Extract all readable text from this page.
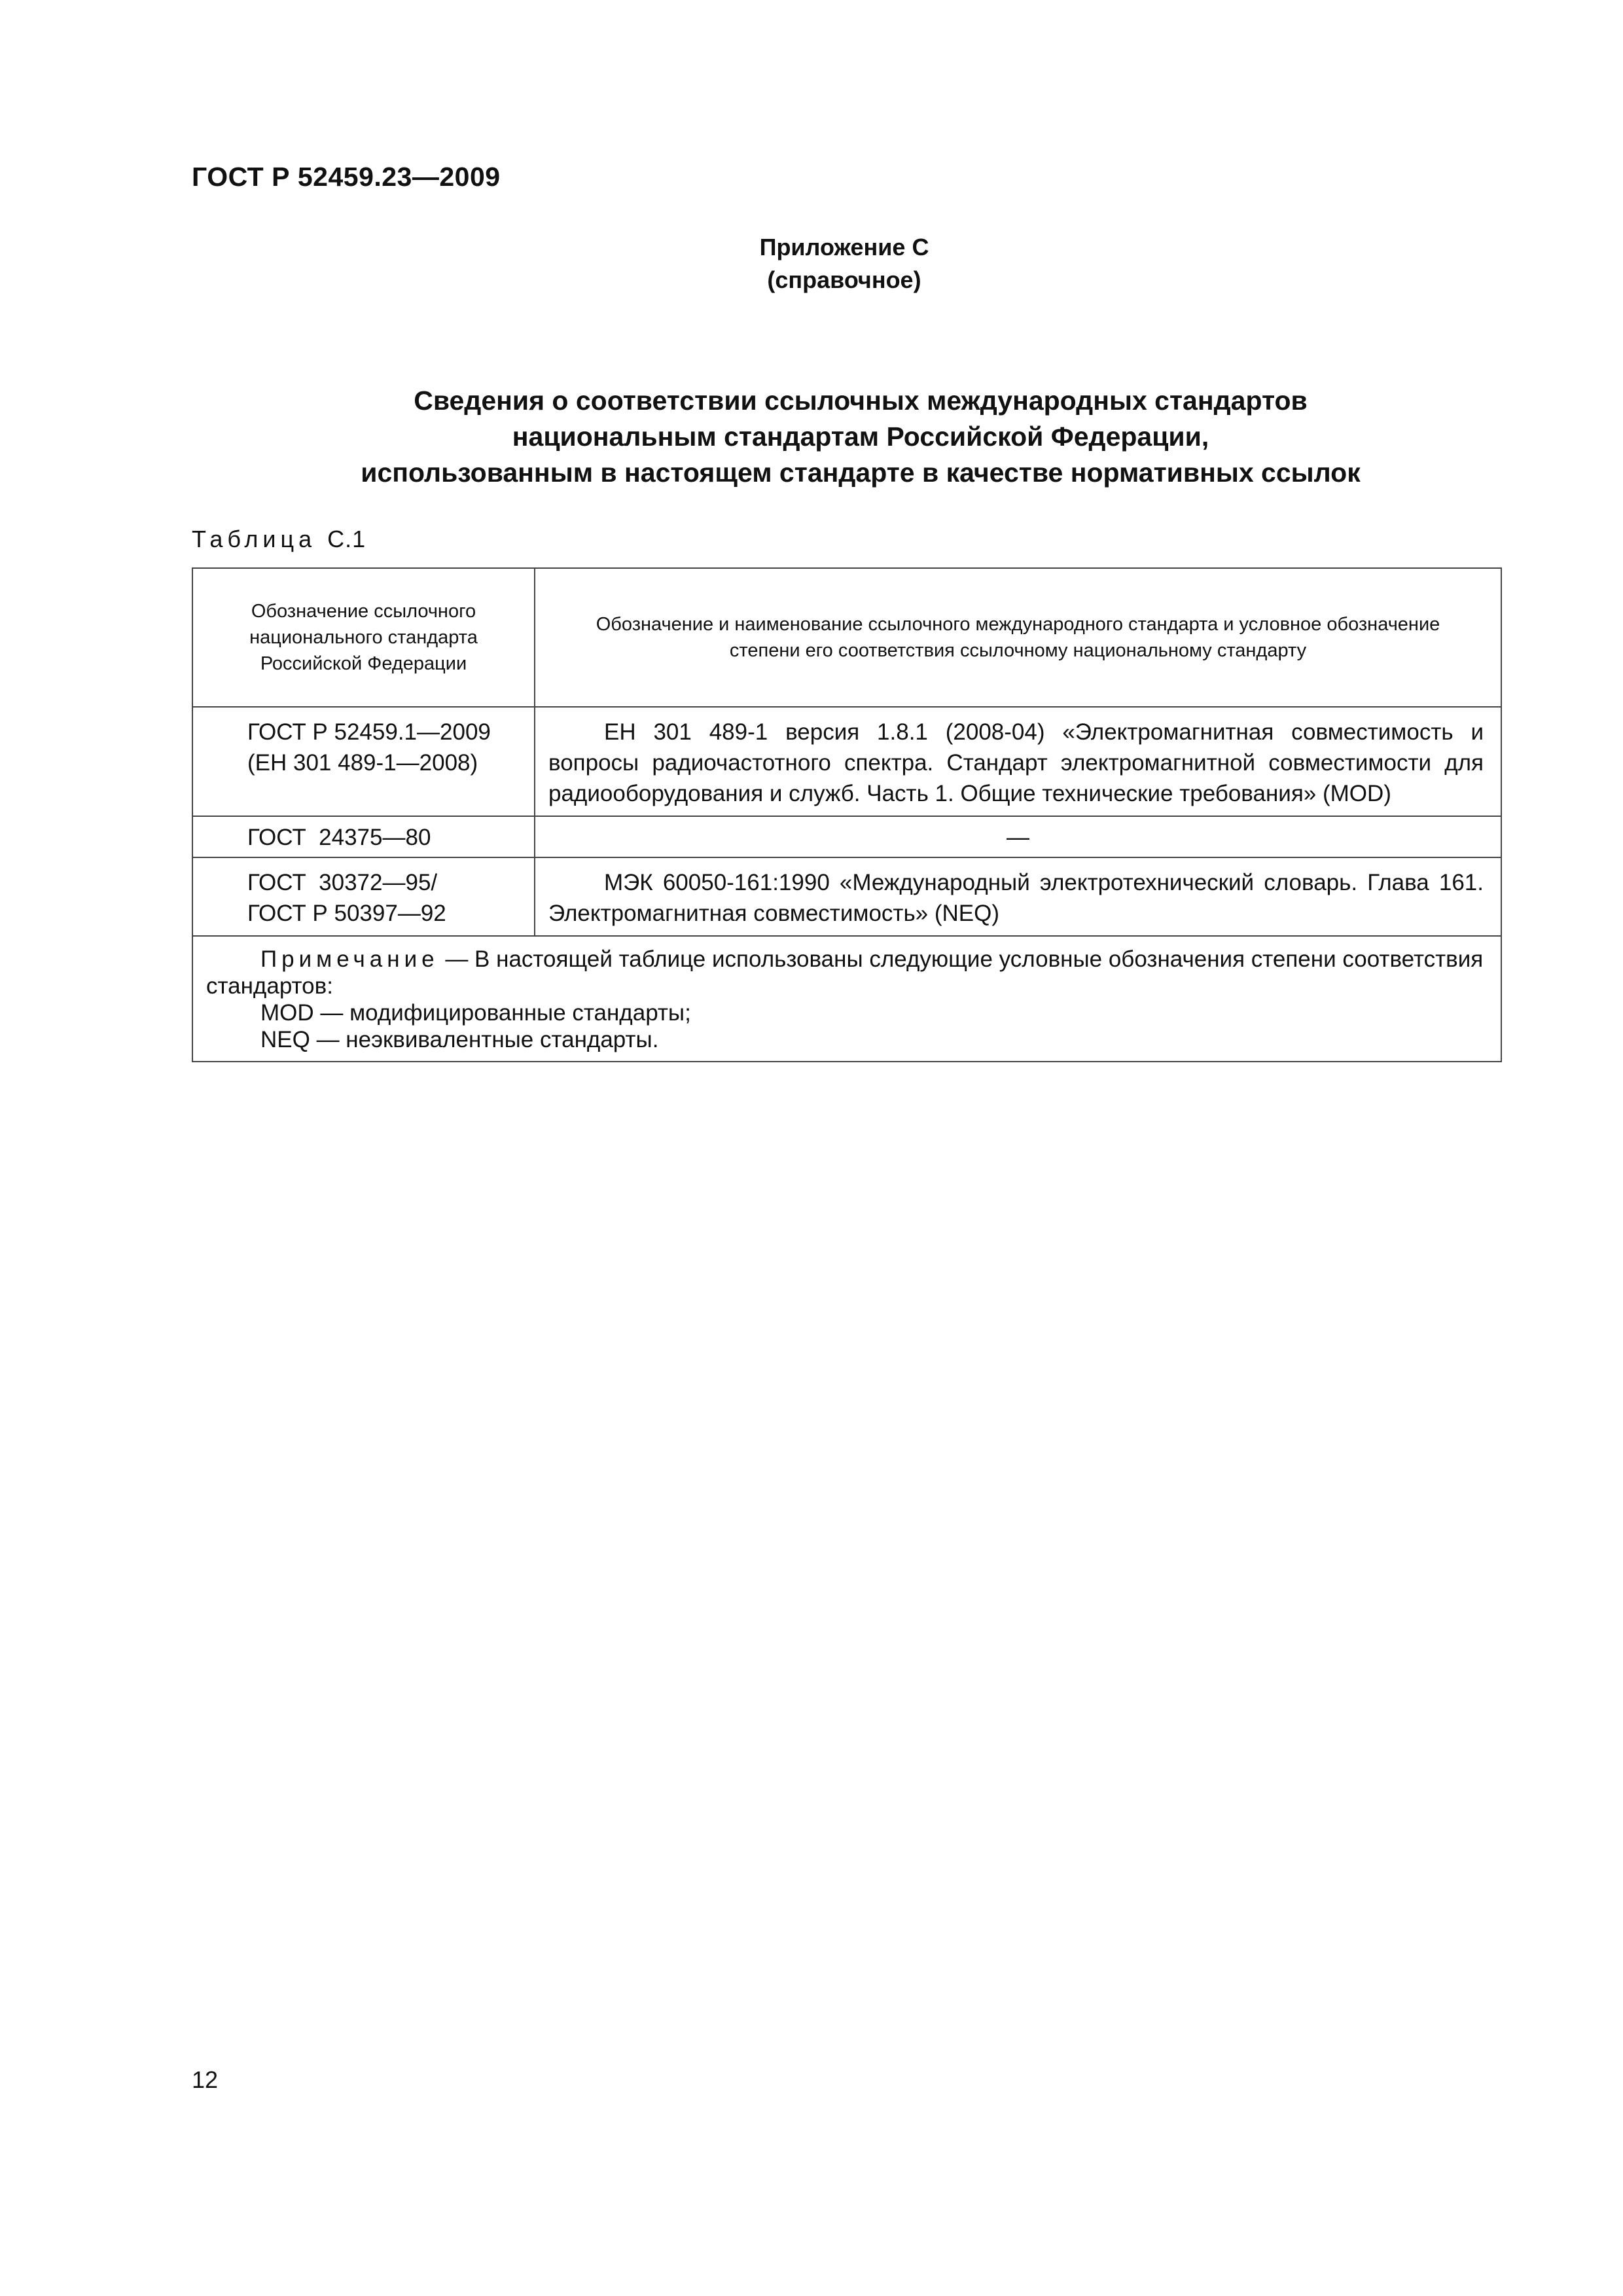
ГОСТ Р 52459.23—2009
Приложение С
(справочное)
Сведения о соответствии ссылочных международных стандартов
национальным стандартам Российской Федерации,
использованным в настоящем стандарте в качестве нормативных ссылок
Таблица С.1
Обозначение ссылочного национального стандарта Российской Федерации	Обозначение и наименование ссылочного международного стандарта и условное обозначение степени его соответствия ссылочному национальному стандарту

ГОСТ Р 52459.1—2009
(ЕН 301 489-1—2008)	ЕН 301 489-1 версия 1.8.1 (2008-04) «Электромагнитная совместимость и вопросы радиочастотного спектра. Стандарт электромагнитной совместимости для радиооборудования и служб. Часть 1. Общие технические требования» (MOD)

ГОСТ  24375—80	—

ГОСТ  30372—95/
ГОСТ Р 50397—92	МЭК 60050-161:1990 «Международный электротехнический словарь. Глава 161. Электромагнитная совместимость» (NEQ)

Примечание — В настоящей таблице использованы следующие условные обозначения степени соответствия стандартов:
MOD — модифицированные стандарты;
NEQ — неэквивалентные стандарты.	
12
